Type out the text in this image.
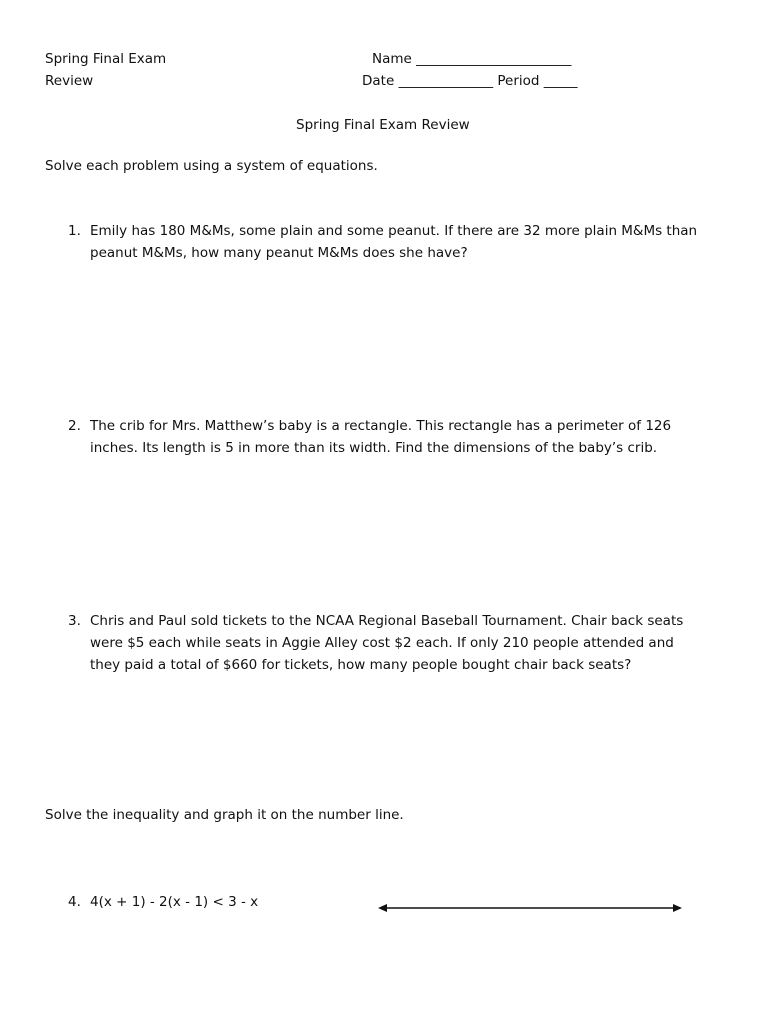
Spring Final Exam
Review
Name _______________________
Date ______________ Period _____
Spring Final Exam Review
Solve each problem using a system of equations.
1. Emily has 180 M&Ms, some plain and some peanut. If there are 32 more plain M&Ms than
peanut M&Ms, how many peanut M&Ms does she have?
2. The crib for Mrs. Matthew’s baby is a rectangle. This rectangle has a perimeter of 126
inches. Its length is 5 in more than its width. Find the dimensions of the baby’s crib.
3. Chris and Paul sold tickets to the NCAA Regional Baseball Tournament. Chair back seats
were $5 each while seats in Aggie Alley cost $2 each. If only 210 people attended and
they paid a total of $660 for tickets, how many people bought chair back seats?
Solve the inequality and graph it on the number line.
4. 4(x + 1) - 2(x - 1) < 3 - x
